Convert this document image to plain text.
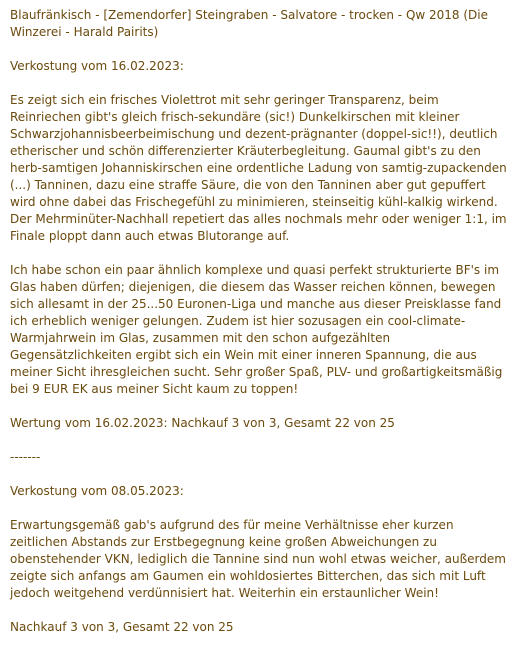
Blaufränkisch - [Zemendorfer] Steingraben - Salvatore - trocken - Qw 2018 (Die Winzerei - Harald Pairits)

Verkostung vom 16.02.2023:

Es zeigt sich ein frisches Violettrot mit sehr geringer Transparenz, beim Reinriechen gibt's gleich frisch-sekundäre (sic!) Dunkelkirschen mit kleiner Schwarzjohannisbeerbeimischung und dezent-prägnanter (doppel-sic!!), deutlich etherischer und schön differenzierter Kräuterbegleitung. Gaumal gibt's zu den herb-samtigen Johanniskirschen eine ordentliche Ladung von samtig-zupackenden (...) Tanninen, dazu eine straffe Säure, die von den Tanninen aber gut gepuffert wird ohne dabei das Frischegefühl zu minimieren, steinseitig kühl-kalkig wirkend. Der Mehrminüter-Nachhall repetiert das alles nochmals mehr oder weniger 1:1, im Finale ploppt dann auch etwas Blutorange auf.

Ich habe schon ein paar ähnlich komplexe und quasi perfekt strukturierte BF's im Glas haben dürfen; diejenigen, die diesem das Wasser reichen können, bewegen sich allesamt in der 25...50 Euronen-Liga und manche aus dieser Preisklasse fand ich erheblich weniger gelungen. Zudem ist hier sozusagen ein cool-climate-Warmjahrwein im Glas, zusammen mit den schon aufgezählten Gegensätzlichkeiten ergibt sich ein Wein mit einer inneren Spannung, die aus meiner Sicht ihresgleichen sucht. Sehr großer Spaß, PLV- und großartigkeitsmäßig bei 9 EUR EK aus meiner Sicht kaum zu toppen!

Wertung vom 16.02.2023: Nachkauf 3 von 3, Gesamt 22 von 25

-------

Verkostung vom 08.05.2023:

Erwartungsgemäß gab's aufgrund des für meine Verhältnisse eher kurzen zeitlichen Abstands zur Erstbegegnung keine großen Abweichungen zu obenstehender VKN, lediglich die Tannine sind nun wohl etwas weicher, außerdem zeigte sich anfangs am Gaumen ein wohldosiertes Bitterchen, das sich mit Luft jedoch weitgehend verdünnisiert hat. Weiterhin ein erstaunlicher Wein!

Nachkauf 3 von 3, Gesamt 22 von 25
